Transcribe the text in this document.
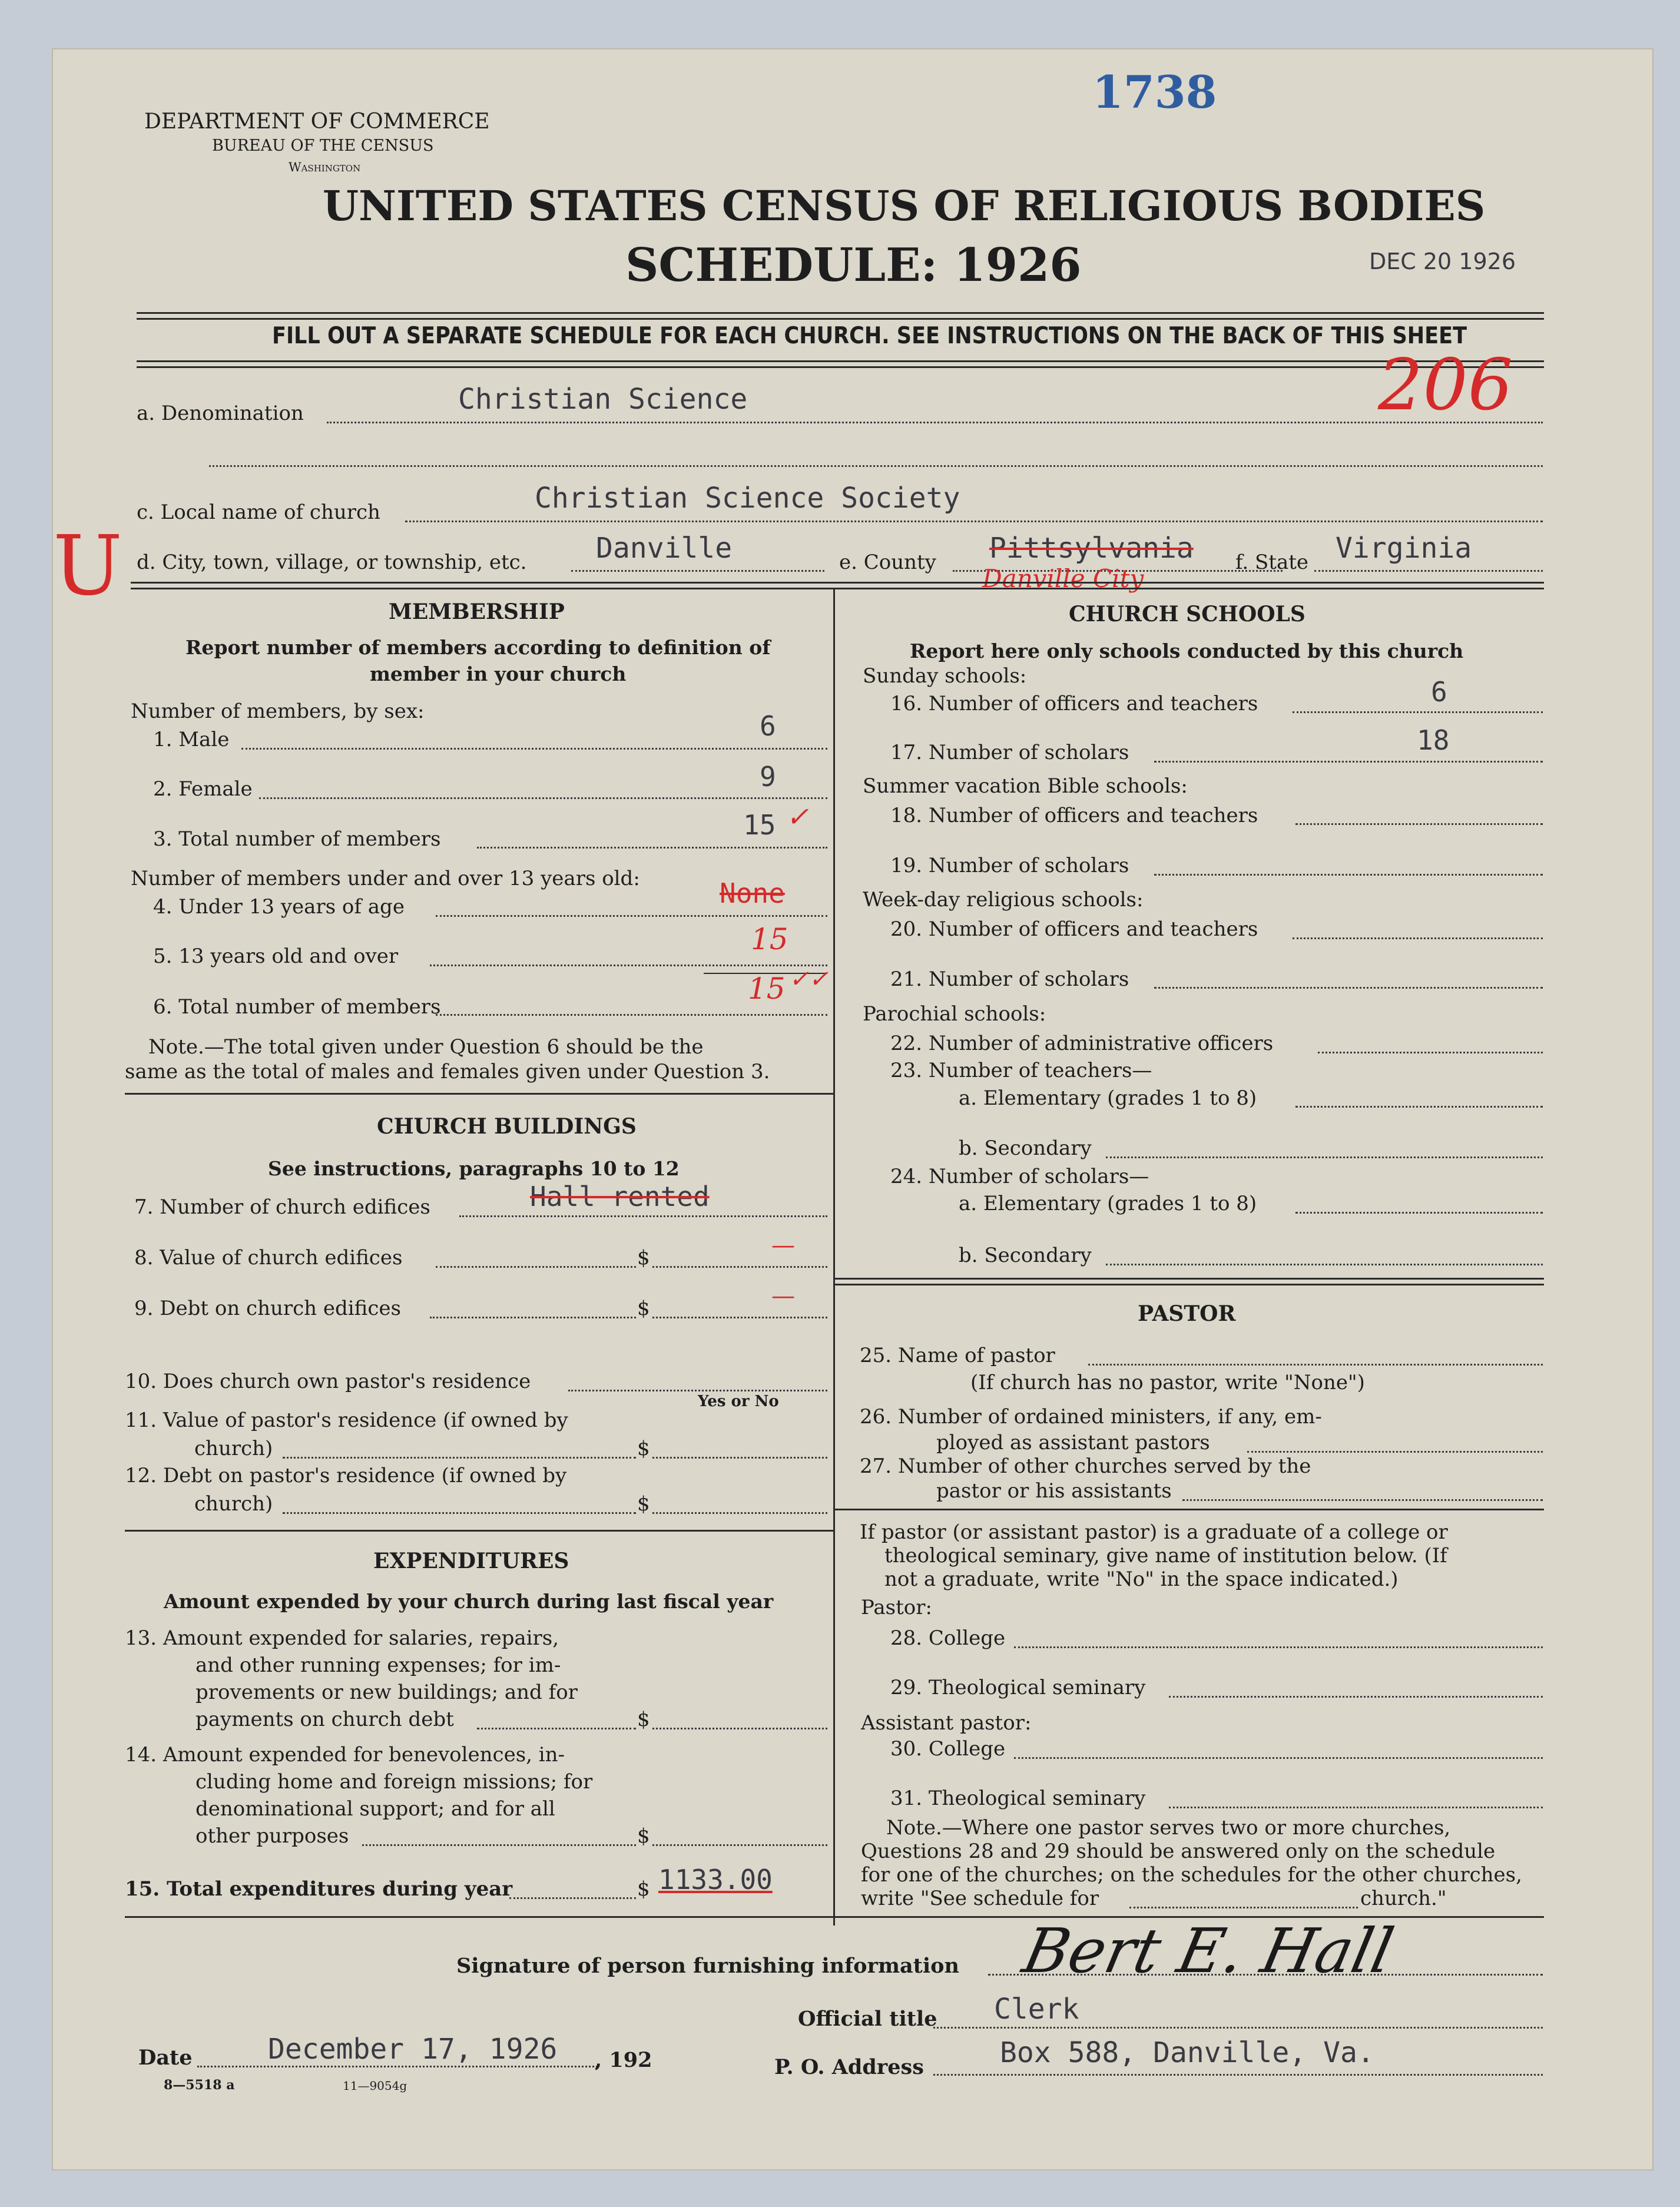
DEPARTMENT OF COMMERCE
BUREAU OF THE CENSUS
Washington
1738
UNITED STATES CENSUS OF RELIGIOUS BODIES
SCHEDULE: 1926	DEC 20 1926
FILL OUT A SEPARATE SCHEDULE FOR EACH CHURCH. SEE INSTRUCTIONS ON THE BACK OF THIS SHEET
206
a. Denomination	Christian Science
c. Local name of church	Christian Science Society
U d. City, town, village, or township, etc. Danville	e. County Pittsylvania
Danville City
f. State Virginia
MEMBERSHIP
Report number of members according to definition of
member in your church
Number of members, by sex:
1. Male	6
2. Female	9
3. Total number of members	15 ✓
Number of members under and over 13 years old:
4. Under 13 years of age	None
5. 13 years old and over	15
6. Total number of members
15 ✓✓
Note.—The total given under Question 6 should be the
same as the total of males and females given under Question 3.
CHURCH BUILDINGS
See instructions, paragraphs 10 to 12
7. Number of church edifices	Hall rented
8. Value of church edifices	$	—
9. Debt on church edifices	$	—
10. Does church own pastor's residence
Yes or No
11. Value of pastor's residence (if owned by
church)	$
12. Debt on pastor's residence (if owned by
church)	$
EXPENDITURES
Amount expended by your church during last fiscal year
13. Amount expended for salaries, repairs,
and other running expenses; for im-
provements or new buildings; and for
payments on church debt	$
14. Amount expended for benevolences, in-
cluding home and foreign missions; for
denominational support; and for all
other purposes	$
15. Total expenditures during year	$ 1133.00
CHURCH SCHOOLS
Report here only schools conducted by this church
Sunday schools:
16. Number of officers and teachers	6
17. Number of scholars	18
Summer vacation Bible schools:
18. Number of officers and teachers
19. Number of scholars
Week-day religious schools:
20. Number of officers and teachers
21. Number of scholars
Parochial schools:
22. Number of administrative officers
23. Number of teachers—
a. Elementary (grades 1 to 8)
b. Secondary
24. Number of scholars—
a. Elementary (grades 1 to 8)
b. Secondary
PASTOR
25. Name of pastor
(If church has no pastor, write "None")
26. Number of ordained ministers, if any, em-
ployed as assistant pastors
27. Number of other churches served by the
pastor or his assistants
If pastor (or assistant pastor) is a graduate of a college or
theological seminary, give name of institution below. (If
not a graduate, write "No" in the space indicated.)
Pastor:
28. College
29. Theological seminary
Assistant pastor:
30. College
31. Theological seminary
Note.—Where one pastor serves two or more churches,
Questions 28 and 29 should be answered only on the schedule
for one of the churches; on the schedules for the other churches,
write "See schedule for	church."
Signature of person furnishing information Bert E. Hall
Official title Clerk
Date	December 17, 1926 , 192	P. O. Address	Box 588, Danville, Va.
8—5518 a	11—9054g
